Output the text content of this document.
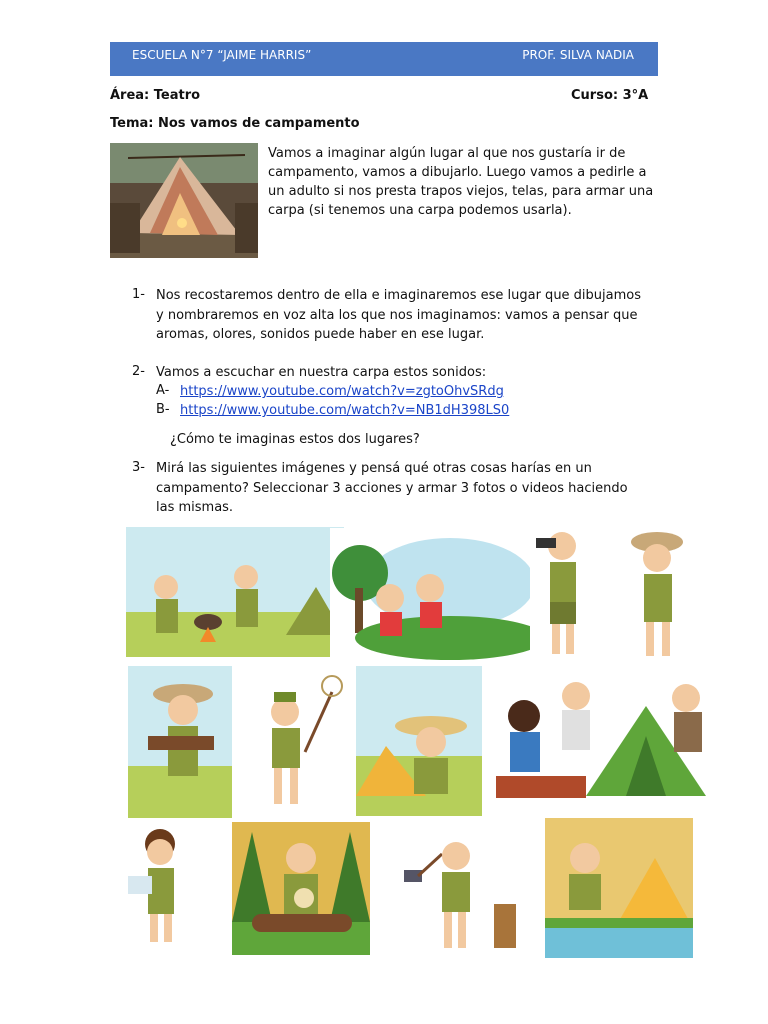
ESCUELA N°7 “JAIME HARRIS”	PROF. SILVA NADIA
Área: Teatro	Curso: 3°A
Tema: Nos vamos de campamento
Vamos a imaginar algún lugar al que nos gustaría ir de campamento, vamos a dibujarlo. Luego vamos a pedirle a un adulto si nos presta trapos viejos, telas, para armar una carpa (si tenemos una carpa podemos usarla).
1- Nos recostaremos dentro de ella e imaginaremos ese lugar que dibujamos y nombraremos en voz alta los que nos imaginamos: vamos a pensar que aromas, olores, sonidos puede haber en ese lugar.
2- Vamos a escuchar en nuestra carpa estos sonidos:
A- https://www.youtube.com/watch?v=zgtoOhvSRdg
B- https://www.youtube.com/watch?v=NB1dH398LS0
¿Cómo te imaginas estos dos lugares?
3- Mirá las siguientes imágenes y pensá qué otras cosas harías en un campamento? Seleccionar 3 acciones y armar 3 fotos o videos haciendo las mismas.
